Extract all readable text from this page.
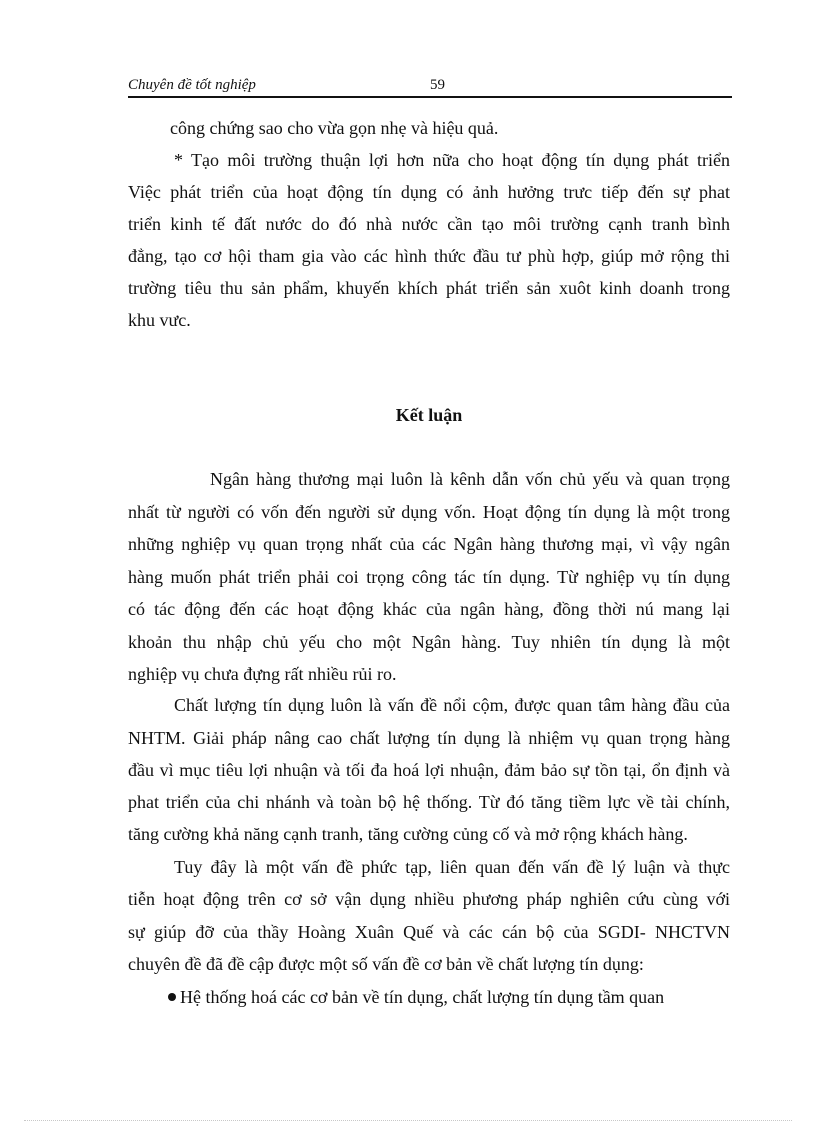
Chuyên đề tốt nghiệp	59
công chứng sao cho vừa gọn nhẹ và hiệu quả.
* Tạo môi trường thuận lợi hơn nữa cho hoạt động tín dụng phát triển
Việc phát triển của hoạt động tín dụng có ảnh hưởng trưc tiếp đến sự phat
triển kinh tế đất nước do đó nhà nước cần tạo môi trường cạnh tranh bình
đẳng, tạo cơ hội tham gia vào các hình thức đầu tư phù hợp, giúp mở rộng thi
trường tiêu thu sản phẩm, khuyến khích phát triển sản xuôt kinh doanh trong
khu vưc.
Kết luận
Ngân hàng thương mại luôn là kênh dẫn vốn chủ yếu và quan trọng
nhất từ người có vốn đến người sử dụng vốn. Hoạt động tín dụng là một trong
những nghiệp vụ quan trọng nhất của các Ngân hàng thương mại, vì vậy ngân
hàng muốn phát triển phải coi trọng công tác tín dụng. Từ nghiệp vụ tín dụng
có tác động đến các hoạt động khác của ngân hàng, đồng thời nú mang lại
khoản thu nhập chủ yếu cho một Ngân hàng. Tuy nhiên tín dụng là một
nghiệp vụ chưa đựng rất nhiều rủi ro.
Chất lượng tín dụng luôn là vấn đề nổi cộm, được quan tâm hàng đầu của
NHTM. Giải pháp nâng cao chất lượng tín dụng là nhiệm vụ quan trọng hàng
đầu vì mục tiêu lợi nhuận và tối đa hoá lợi nhuận, đảm bảo sự tồn tại, ổn định và
phat triển của chi nhánh và toàn bộ hệ thống. Từ đó tăng tiềm lực về tài chính,
tăng cường khả năng cạnh tranh, tăng cường củng cố và mở rộng khách hàng.
Tuy đây là một vấn đề phức tạp, liên quan đến vấn đề lý luận và thực
tiễn hoạt động trên cơ sở vận dụng nhiều phương pháp nghiên cứu cùng với
sự giúp đỡ của thầy Hoàng Xuân Quế và các cán bộ của SGDI- NHCTVN
chuyên đề đã đề cập được một số vấn đề cơ bản về chất lượng tín dụng:
Hệ thống hoá các cơ bản về tín dụng, chất lượng tín dụng tầm quan
